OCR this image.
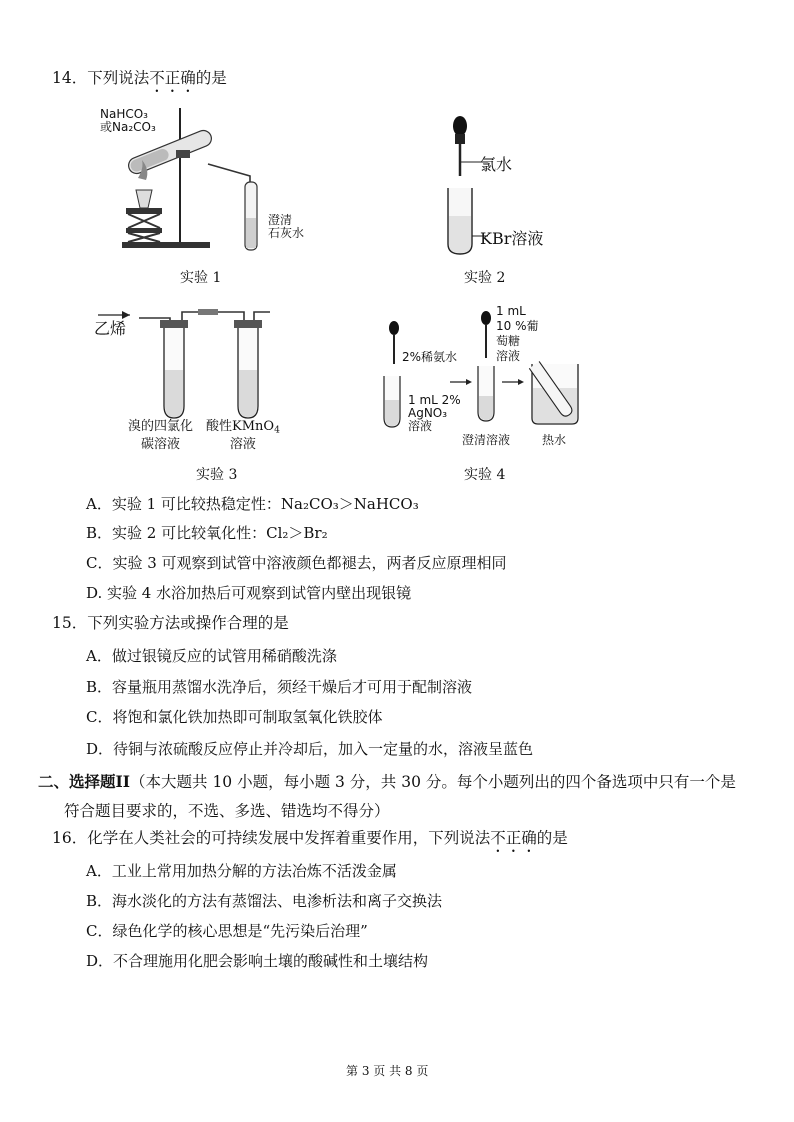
14．下列说法不正确的是
NaHCO₃
或Na₂CO₃
澄清
石灰水
实验 1
氯水
KBr溶液
实验 2
乙烯
溴的四氯化
碳溶液
酸性KMnO$_4$
溶液
实验 3
2%稀氨水
1 mL 2%
AgNO₃
溶液
1 mL
10 %葡
萄糖
溶液
澄清溶液	热水
实验 4
A．实验 1 可比较热稳定性：Na₂CO₃＞NaHCO₃
B．实验 2 可比较氧化性：Cl₂＞Br₂
C．实验 3 可观察到试管中溶液颜色都褪去，两者反应原理相同
D. 实验 4 水浴加热后可观察到试管内壁出现银镜
15．下列实验方法或操作合理的是
A．做过银镜反应的试管用稀硝酸洗涤
B．容量瓶用蒸馏水洗净后，须经干燥后才可用于配制溶液
C．将饱和氯化铁加热即可制取氢氧化铁胶体
D．待铜与浓硫酸反应停止并冷却后，加入一定量的水，溶液呈蓝色
二、选择题II（本大题共 10 小题，每小题 3 分，共 30 分。每个小题列出的四个备选项中只有一个是
符合题目要求的，不选、多选、错选均不得分）
16．化学在人类社会的可持续发展中发挥着重要作用，下列说法不正确的是
A．工业上常用加热分解的方法冶炼不活泼金属
B．海水淡化的方法有蒸馏法、电渗析法和离子交换法
C．绿色化学的核心思想是“先污染后治理”
D．不合理施用化肥会影响土壤的酸碱性和土壤结构
第 3 页 共 8 页
